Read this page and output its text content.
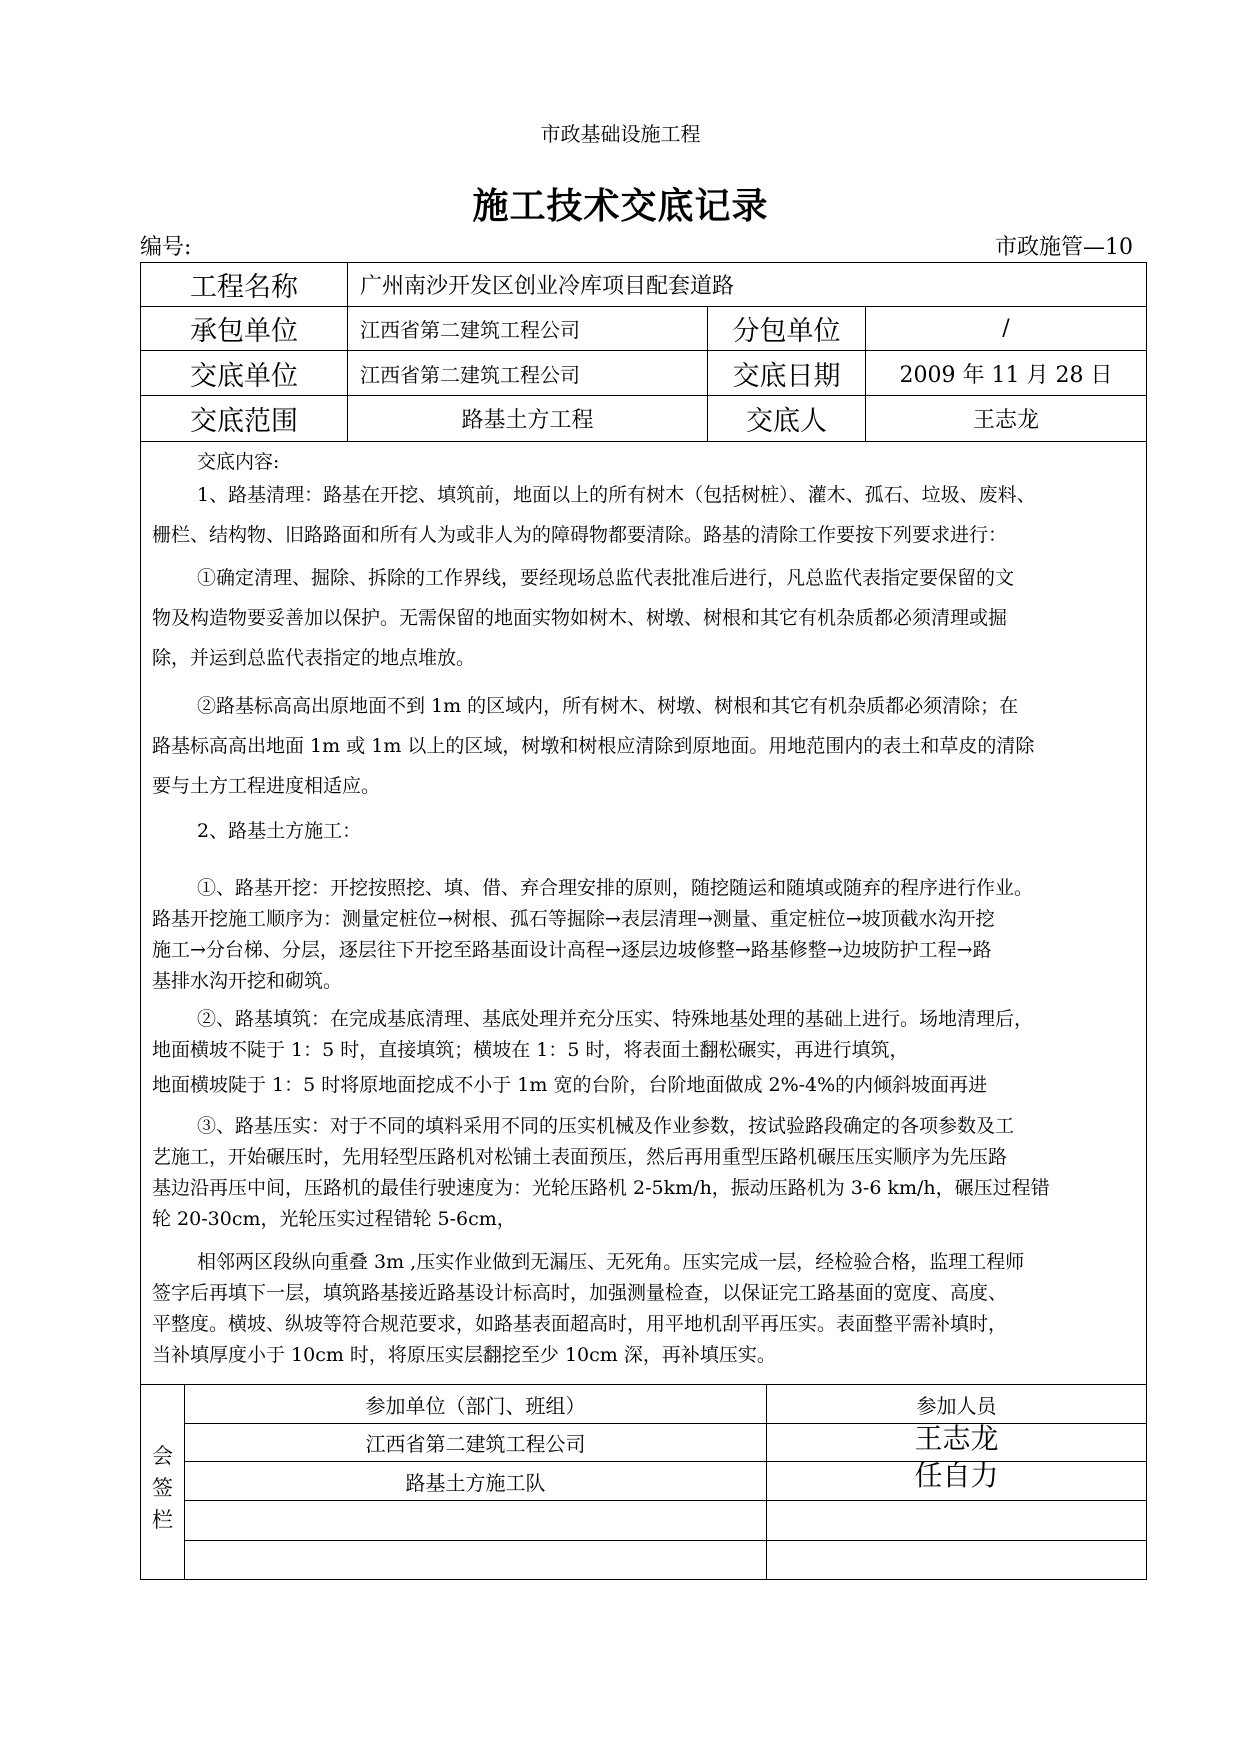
市政基础设施工程
施工技术交底记录
编号:	市政施管—10
工程名称	广州南沙开发区创业冷库项目配套道路
承包单位	江西省第二建筑工程公司	分包单位	/
交底单位	江西省第二建筑工程公司	交底日期	2009 年 11 月 28 日
交底范围	路基土方工程	交底人	王志龙

交底内容:

1、路基清理：路基在开挖、填筑前，地面以上的所有树木（包括树桩）、灌木、孤石、垃圾、废料、

栅栏、结构物、旧路路面和所有人为或非人为的障碍物都要清除。路基的清除工作要按下列要求进行：

①确定清理、掘除、拆除的工作界线，要经现场总监代表批准后进行，凡总监代表指定要保留的文

物及构造物要妥善加以保护。无需保留的地面实物如树木、树墩、树根和其它有机杂质都必须清理或掘

除，并运到总监代表指定的地点堆放。

②路基标高高出原地面不到 1m 的区域内，所有树木、树墩、树根和其它有机杂质都必须清除；在

路基标高高出地面 1m 或 1m 以上的区域，树墩和树根应清除到原地面。用地范围内的表土和草皮的清除

要与土方工程进度相适应。

2、路基土方施工：

①、路基开挖：开挖按照挖、填、借、弃合理安排的原则，随挖随运和随填或随弃的程序进行作业。

路基开挖施工顺序为：测量定桩位→树根、孤石等掘除→表层清理→测量、重定桩位→坡顶截水沟开挖

施工→分台梯、分层，逐层往下开挖至路基面设计高程→逐层边坡修整→路基修整→边坡防护工程→路

基排水沟开挖和砌筑。

②、路基填筑：在完成基底清理、基底处理并充分压实、特殊地基处理的基础上进行。场地清理后，

地面横坡不陡于 1：5 时，直接填筑；横坡在 1：5 时，将表面土翻松碾实，再进行填筑，

地面横坡陡于 1：5 时将原地面挖成不小于 1m 宽的台阶，台阶地面做成 2%-4%的内倾斜坡面再进

③、路基压实：对于不同的填料采用不同的压实机械及作业参数，按试验路段确定的各项参数及工

艺施工，开始碾压时，先用轻型压路机对松铺土表面预压，然后再用重型压路机碾压压实顺序为先压路

基边沿再压中间，压路机的最佳行驶速度为：光轮压路机 2-5km/h，振动压路机为 3-6 km/h，碾压过程错

轮 20-30cm，光轮压实过程错轮 5-6cm，

相邻两区段纵向重叠 3m ,压实作业做到无漏压、无死角。压实完成一层，经检验合格，监理工程师

签字后再填下一层，填筑路基接近路基设计标高时，加强测量检查，以保证完工路基面的宽度、高度、

平整度。横坡、纵坡等符合规范要求，如路基表面超高时，用平地机刮平再压实。表面整平需补填时，

当补填厚度小于 10cm 时，将原压实层翻挖至少 10cm 深，再补填压实。

会
签
栏
参加单位（部门、班组）	参加人员
江西省第二建筑工程公司	王志龙
路基土方施工队	任自力
